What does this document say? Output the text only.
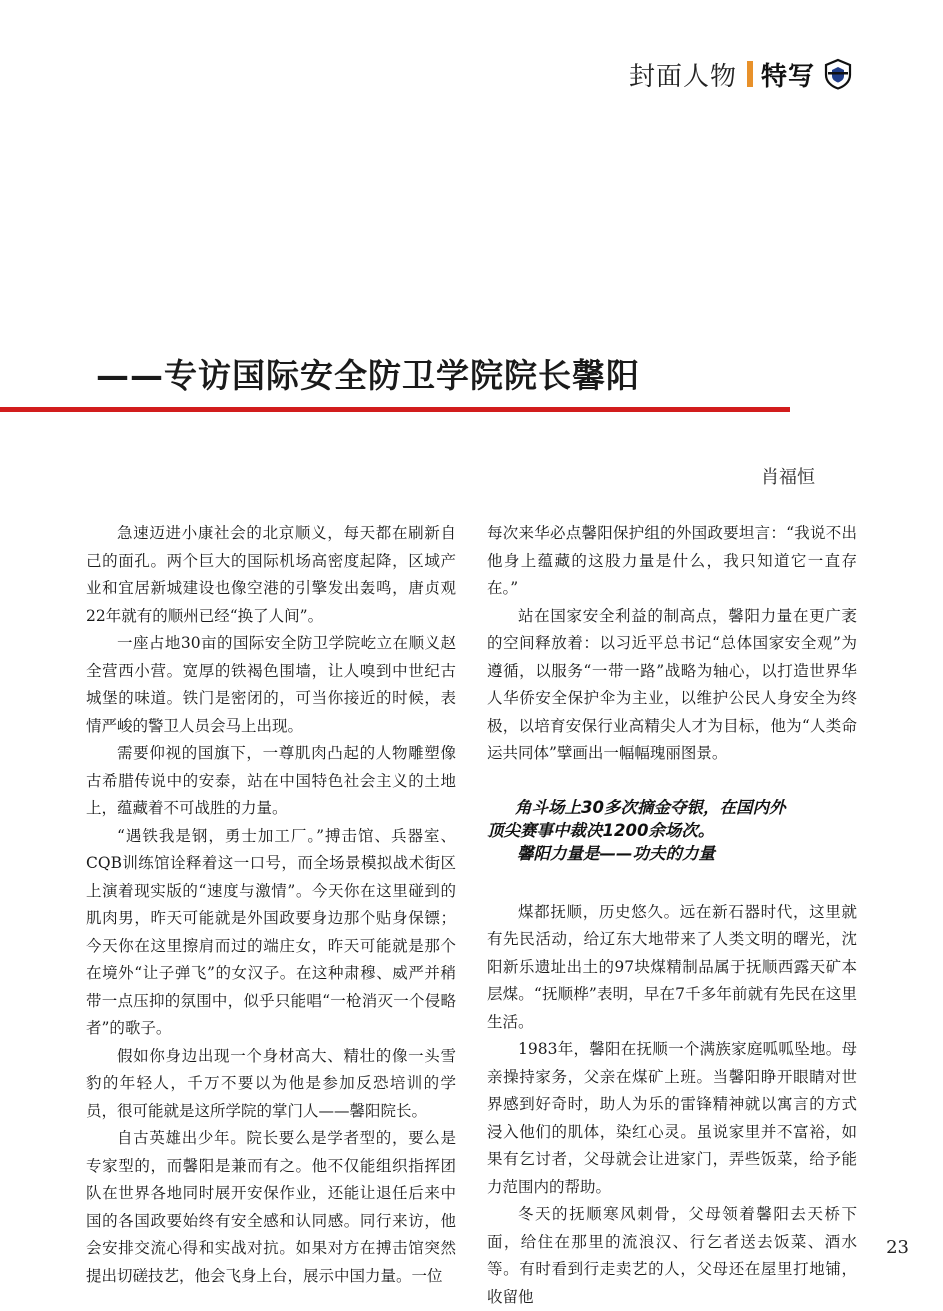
封面人物 特写
——专访国际安全防卫学院院长馨阳
肖福恒

急速迈进小康社会的北京顺义，每天都在刷新自己的面孔。两个巨大的国际机场高密度起降，区域产业和宜居新城建设也像空港的引擎发出轰鸣，唐贞观22年就有的顺州已经“换了人间”。

一座占地30亩的国际安全防卫学院屹立在顺义赵全营西小营。宽厚的铁褐色围墙，让人嗅到中世纪古城堡的味道。铁门是密闭的，可当你接近的时候，表情严峻的警卫人员会马上出现。

需要仰视的国旗下，一尊肌肉凸起的人物雕塑像古希腊传说中的安泰，站在中国特色社会主义的土地上，蕴藏着不可战胜的力量。

“遇铁我是钢，勇士加工厂。”搏击馆、兵器室、CQB训练馆诠释着这一口号，而全场景模拟战术街区上演着现实版的“速度与激情”。今天你在这里碰到的肌肉男，昨天可能就是外国政要身边那个贴身保镖；今天你在这里擦肩而过的端庄女，昨天可能就是那个在境外“让子弹飞”的女汉子。在这种肃穆、威严并稍带一点压抑的氛围中，似乎只能唱“一枪消灭一个侵略者”的歌子。

假如你身边出现一个身材高大、精壮的像一头雪豹的年轻人，千万不要以为他是参加反恐培训的学员，很可能就是这所学院的掌门人——馨阳院长。

自古英雄出少年。院长要么是学者型的，要么是专家型的，而馨阳是兼而有之。他不仅能组织指挥团队在世界各地同时展开安保作业，还能让退任后来中国的各国政要始终有安全感和认同感。同行来访，他会安排交流心得和实战对抗。如果对方在搏击馆突然提出切磋技艺，他会飞身上台，展示中国力量。一位

每次来华必点馨阳保护组的外国政要坦言：“我说不出他身上蕴藏的这股力量是什么，我只知道它一直存在。”

站在国家安全利益的制高点，馨阳力量在更广袤的空间释放着：以习近平总书记“总体国家安全观”为遵循，以服务“一带一路”战略为轴心，以打造世界华人华侨安全保护伞为主业，以维护公民人身安全为终极，以培育安保行业高精尖人才为目标，他为“人类命运共同体”擘画出一幅幅瑰丽图景。

角斗场上30多次摘金夺银，在国内外
顶尖赛事中裁决1200余场次。
馨阳力量是——功夫的力量

煤都抚顺，历史悠久。远在新石器时代，这里就有先民活动，给辽东大地带来了人类文明的曙光，沈阳新乐遗址出土的97块煤精制品属于抚顺西露天矿本层煤。“抚顺桦”表明，早在7千多年前就有先民在这里生活。

1983年，馨阳在抚顺一个满族家庭呱呱坠地。母亲操持家务，父亲在煤矿上班。当馨阳睁开眼睛对世界感到好奇时，助人为乐的雷锋精神就以寓言的方式浸入他们的肌体，染红心灵。虽说家里并不富裕，如果有乞讨者，父母就会让进家门，弄些饭菜，给予能力范围内的帮助。

冬天的抚顺寒风刺骨，父母领着馨阳去天桥下面，给住在那里的流浪汉、行乞者送去饭菜、酒水等。有时看到行走卖艺的人，父母还在屋里打地铺，收留他

23
